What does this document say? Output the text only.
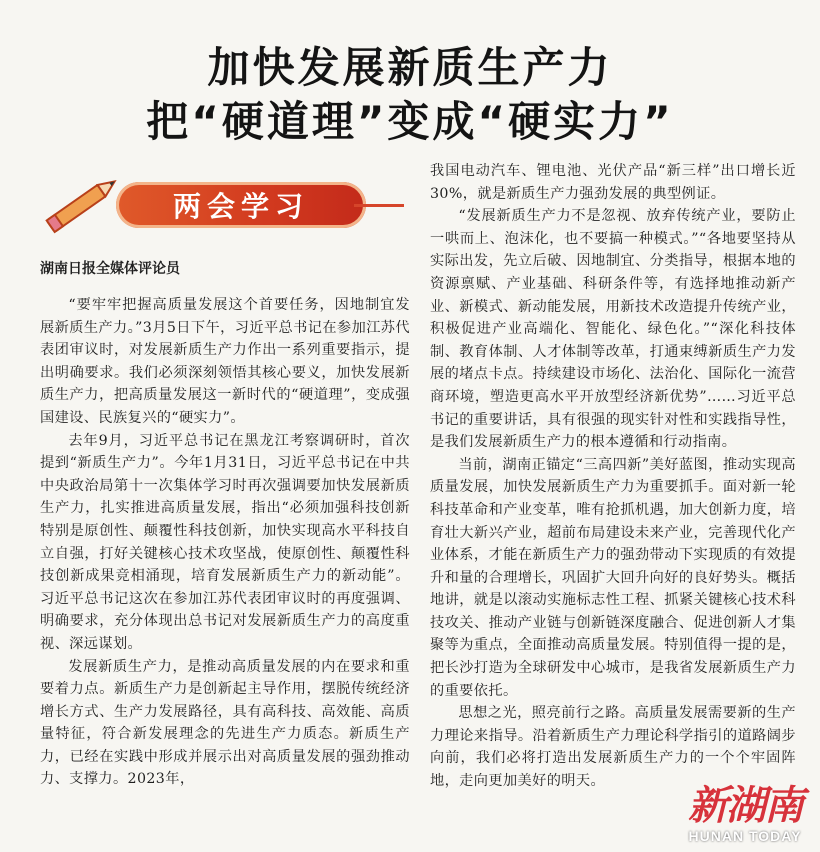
加快发展新质生产力
把“硬道理”变成“硬实力”
两会学习
湖南日报全媒体评论员

“要牢牢把握高质量发展这个首要任务，因地制宜发展新质生产力。”3月5日下午，习近平总书记在参加江苏代表团审议时，对发展新质生产力作出一系列重要指示，提出明确要求。我们必须深刻领悟其核心要义，加快发展新质生产力，把高质量发展这一新时代的“硬道理”，变成强国建设、民族复兴的“硬实力”。

去年9月，习近平总书记在黑龙江考察调研时，首次提到“新质生产力”。今年1月31日，习近平总书记在中共中央政治局第十一次集体学习时再次强调要加快发展新质生产力，扎实推进高质量发展，指出“必须加强科技创新特别是原创性、颠覆性科技创新，加快实现高水平科技自立自强，打好关键核心技术攻坚战，使原创性、颠覆性科技创新成果竞相涌现，培育发展新质生产力的新动能”。习近平总书记这次在参加江苏代表团审议时的再度强调、明确要求，充分体现出总书记对发展新质生产力的高度重视、深远谋划。

发展新质生产力，是推动高质量发展的内在要求和重要着力点。新质生产力是创新起主导作用，摆脱传统经济增长方式、生产力发展路径，具有高科技、高效能、高质量特征，符合新发展理念的先进生产力质态。新质生产力，已经在实践中形成并展示出对高质量发展的强劲推动力、支撑力。2023年，

我国电动汽车、锂电池、光伏产品“新三样”出口增长近30%，就是新质生产力强劲发展的典型例证。

“发展新质生产力不是忽视、放弃传统产业，要防止一哄而上、泡沫化，也不要搞一种模式。”“各地要坚持从实际出发，先立后破、因地制宜、分类指导，根据本地的资源禀赋、产业基础、科研条件等，有选择地推动新产业、新模式、新动能发展，用新技术改造提升传统产业，积极促进产业高端化、智能化、绿色化。”“深化科技体制、教育体制、人才体制等改革，打通束缚新质生产力发展的堵点卡点。持续建设市场化、法治化、国际化一流营商环境，塑造更高水平开放型经济新优势”……习近平总书记的重要讲话，具有很强的现实针对性和实践指导性，是我们发展新质生产力的根本遵循和行动指南。

当前，湖南正锚定“三高四新”美好蓝图，推动实现高质量发展，加快发展新质生产力为重要抓手。面对新一轮科技革命和产业变革，唯有抢抓机遇，加大创新力度，培育壮大新兴产业，超前布局建设未来产业，完善现代化产业体系，才能在新质生产力的强劲带动下实现质的有效提升和量的合理增长，巩固扩大回升向好的良好势头。概括地讲，就是以滚动实施标志性工程、抓紧关键核心技术科技攻关、推动产业链与创新链深度融合、促进创新人才集聚等为重点，全面推动高质量发展。特别值得一提的是，把长沙打造为全球研发中心城市，是我省发展新质生产力的重要依托。

思想之光，照亮前行之路。高质量发展需要新的生产力理论来指导。沿着新质生产力理论科学指引的道路阔步向前，我们必将打造出发展新质生产力的一个个牢固阵地，走向更加美好的明天。

新湖南
HUNAN TODAY
